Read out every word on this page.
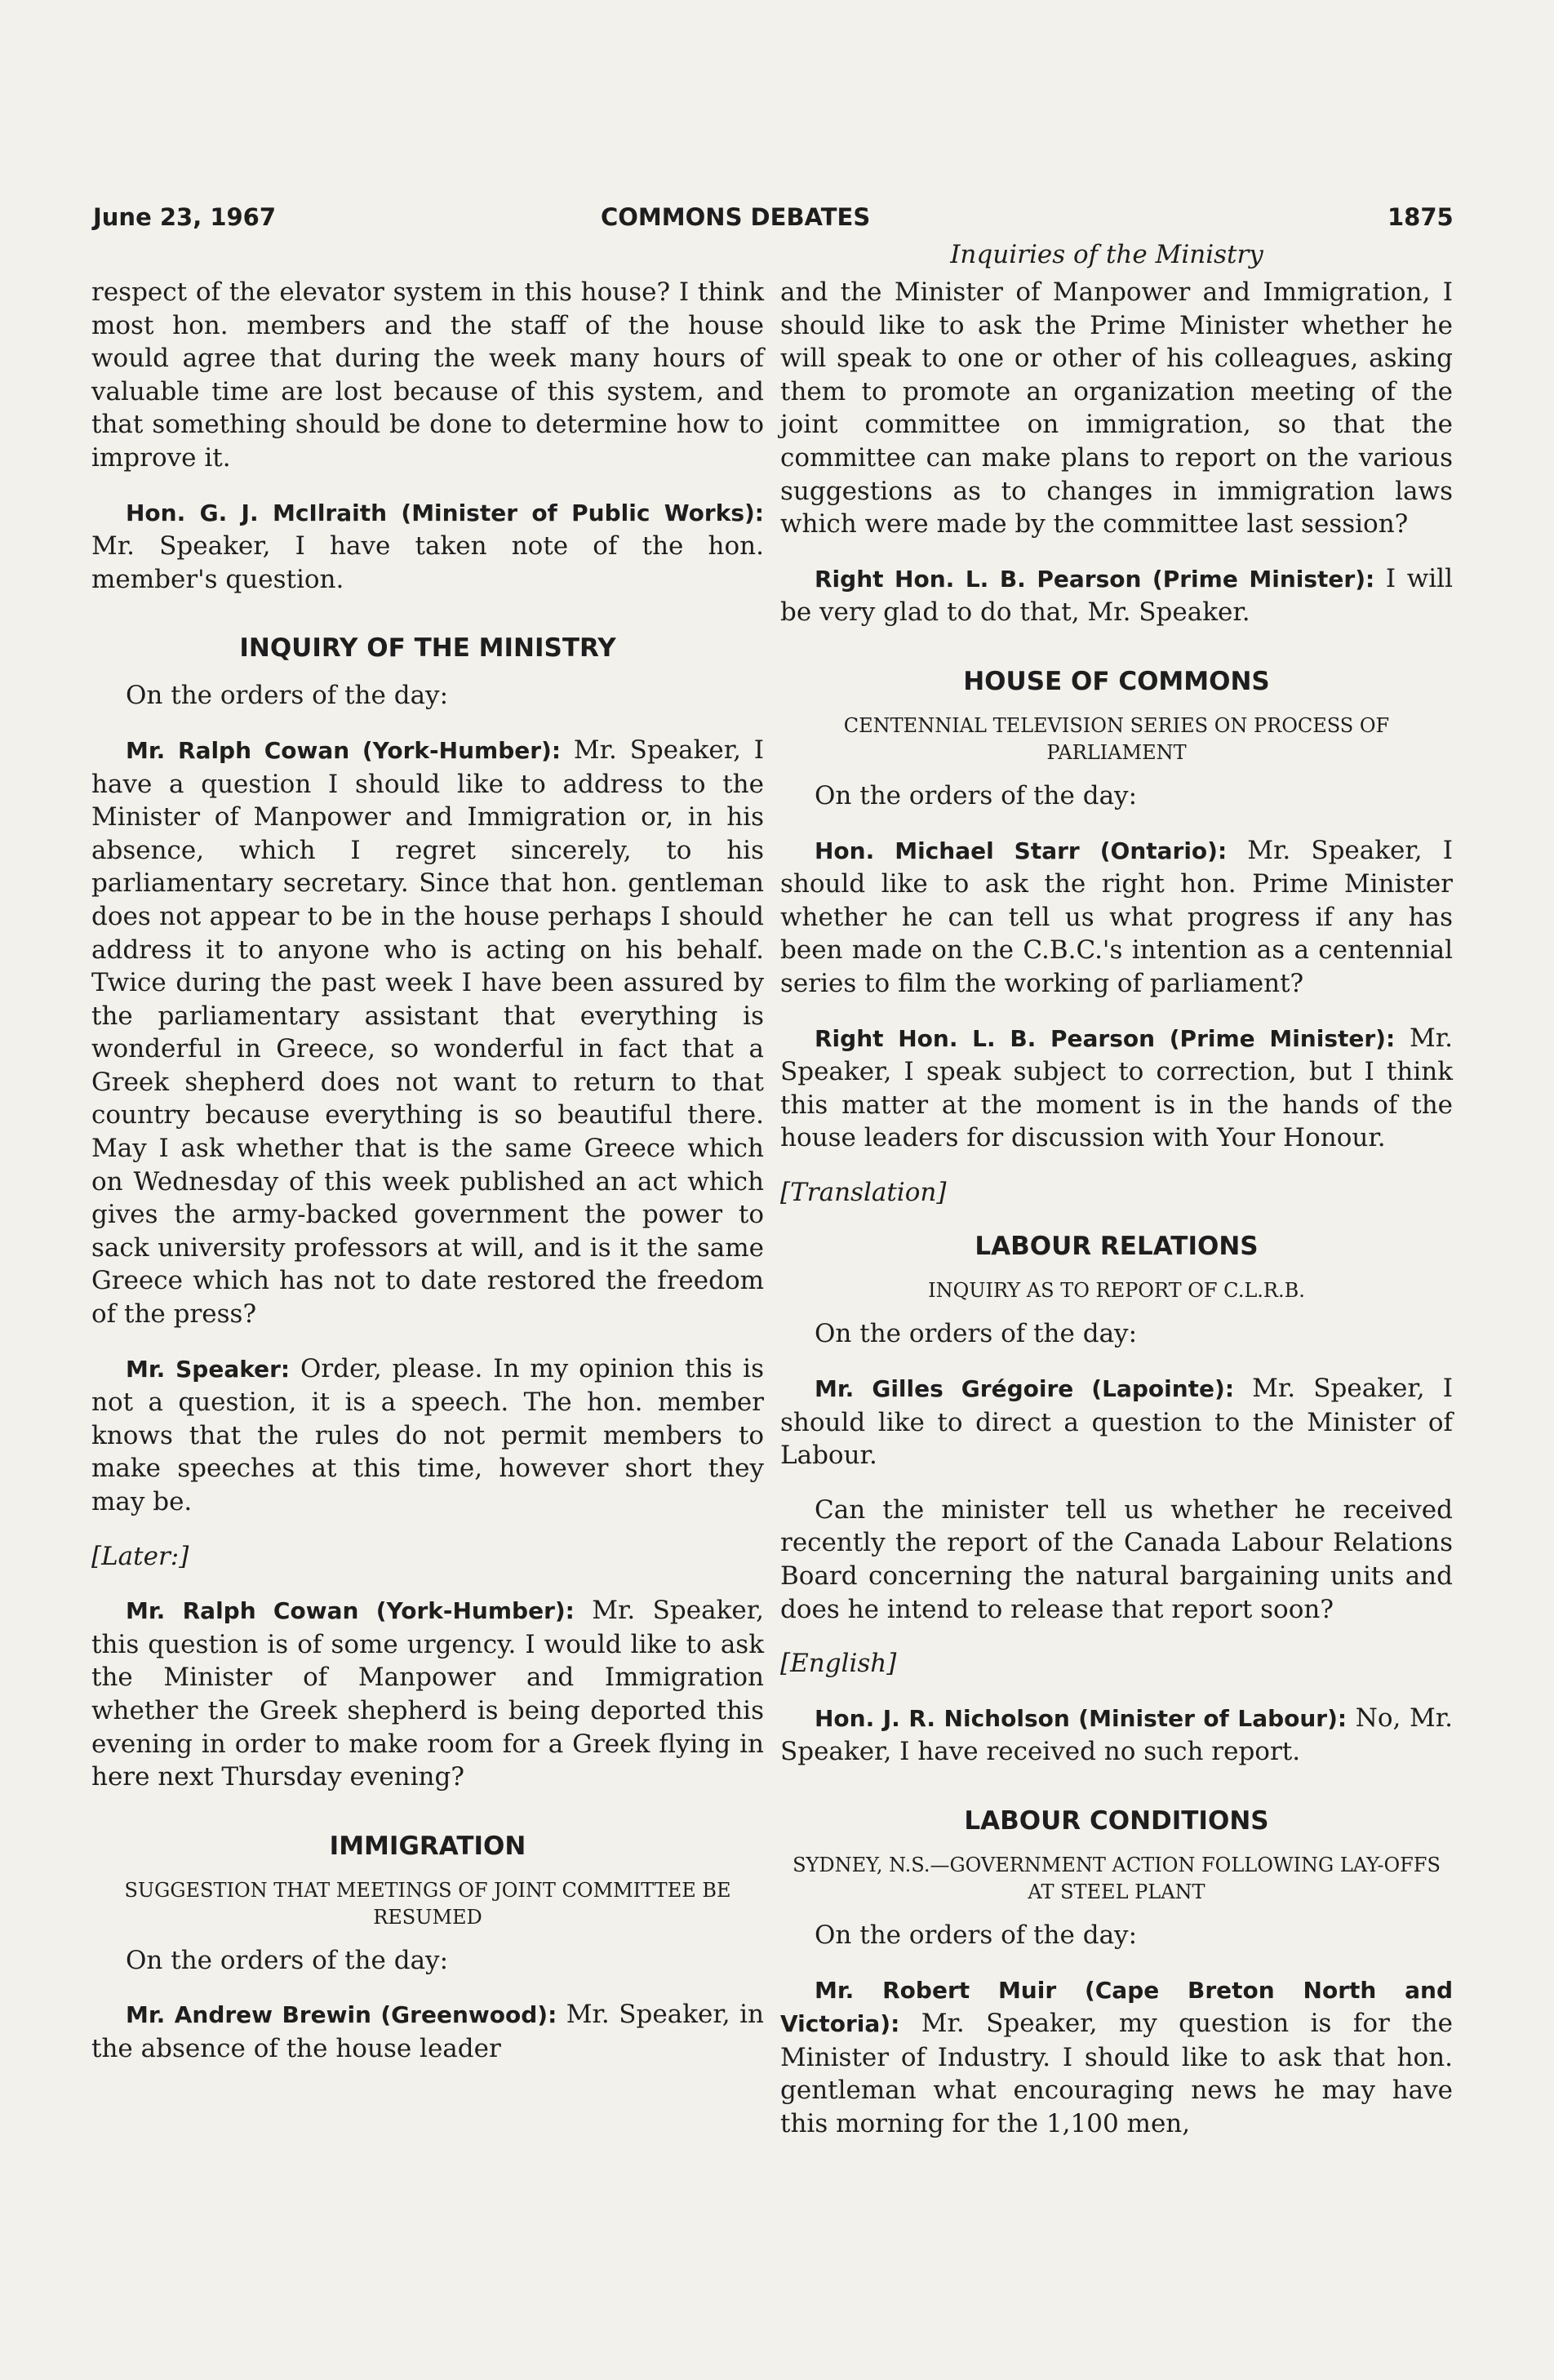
June 23, 1967	COMMONS DEBATES	1875
Inquiries of the Ministry

respect of the elevator system in this house? I think most hon. members and the staff of the house would agree that during the week many hours of valuable time are lost because of this system, and that something should be done to determine how to improve it.

Hon. G. J. McIlraith (Minister of Public Works): Mr. Speaker, I have taken note of the hon. member's question.

INQUIRY OF THE MINISTRY

On the orders of the day:

Mr. Ralph Cowan (York-Humber): Mr. Speaker, I have a question I should like to address to the Minister of Manpower and Immigration or, in his absence, which I regret sincerely, to his parliamentary secretary. Since that hon. gentleman does not appear to be in the house perhaps I should address it to anyone who is acting on his behalf. Twice during the past week I have been assured by the parliamentary assistant that everything is wonderful in Greece, so wonderful in fact that a Greek shepherd does not want to return to that country because everything is so beautiful there. May I ask whether that is the same Greece which on Wednesday of this week published an act which gives the army-backed government the power to sack university professors at will, and is it the same Greece which has not to date restored the freedom of the press?

Mr. Speaker: Order, please. In my opinion this is not a question, it is a speech. The hon. member knows that the rules do not permit members to make speeches at this time, however short they may be.

[Later:]

Mr. Ralph Cowan (York-Humber): Mr. Speaker, this question is of some urgency. I would like to ask the Minister of Manpower and Immigration whether the Greek shepherd is being deported this evening in order to make room for a Greek flying in here next Thursday evening?

IMMIGRATION
SUGGESTION THAT MEETINGS OF JOINT COMMITTEE BE RESUMED

On the orders of the day:

Mr. Andrew Brewin (Greenwood): Mr. Speaker, in the absence of the house leader

and the Minister of Manpower and Immigration, I should like to ask the Prime Minister whether he will speak to one or other of his colleagues, asking them to promote an organization meeting of the joint committee on immigration, so that the committee can make plans to report on the various suggestions as to changes in immigration laws which were made by the committee last session?

Right Hon. L. B. Pearson (Prime Minister): I will be very glad to do that, Mr. Speaker.

HOUSE OF COMMONS
CENTENNIAL TELEVISION SERIES ON PROCESS OF PARLIAMENT

On the orders of the day:

Hon. Michael Starr (Ontario): Mr. Speaker, I should like to ask the right hon. Prime Minister whether he can tell us what progress if any has been made on the C.B.C.'s intention as a centennial series to film the working of parliament?

Right Hon. L. B. Pearson (Prime Minister): Mr. Speaker, I speak subject to correction, but I think this matter at the moment is in the hands of the house leaders for discussion with Your Honour.

[Translation]

LABOUR RELATIONS
INQUIRY AS TO REPORT OF C.L.R.B.

On the orders of the day:

Mr. Gilles Grégoire (Lapointe): Mr. Speaker, I should like to direct a question to the Minister of Labour.

Can the minister tell us whether he received recently the report of the Canada Labour Relations Board concerning the natural bargaining units and does he intend to release that report soon?

[English]

Hon. J. R. Nicholson (Minister of Labour): No, Mr. Speaker, I have received no such report.

LABOUR CONDITIONS
SYDNEY, N.S.—GOVERNMENT ACTION FOLLOWING LAY-OFFS AT STEEL PLANT

On the orders of the day:

Mr. Robert Muir (Cape Breton North and Victoria): Mr. Speaker, my question is for the Minister of Industry. I should like to ask that hon. gentleman what encouraging news he may have this morning for the 1,100 men,
